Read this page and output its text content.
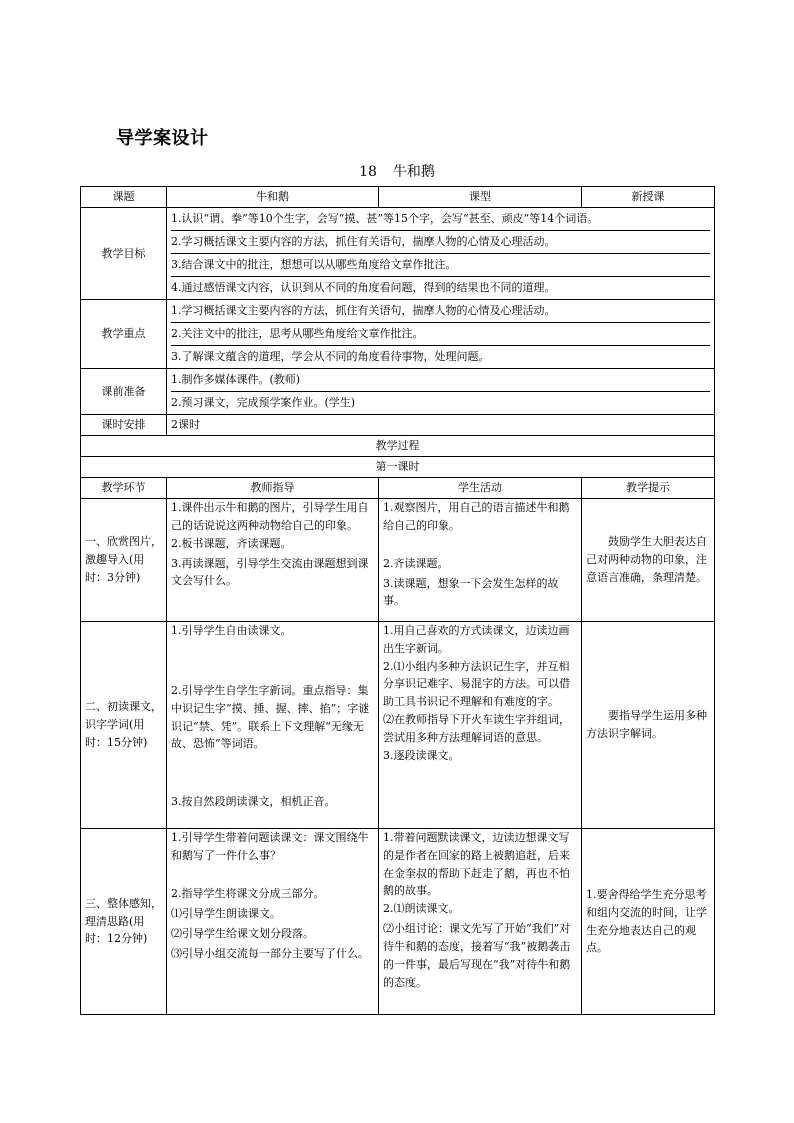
导学案设计
18 牛和鹅
课题	牛和鹅	课型	新授课
教学目标	1.认识“谓、拳”等10个生字，会写“摸、甚”等15个字，会写“甚至、顽皮”等14个词语。
2.学习概括课文主要内容的方法，抓住有关语句，揣摩人物的心情及心理活动。
3.结合课文中的批注，想想可以从哪些角度给文章作批注。
4.通过感悟课文内容，认识到从不同的角度看问题，得到的结果也不同的道理。		

教学重点	1.学习概括课文主要内容的方法，抓住有关语句，揣摩人物的心情及心理活动。
2.关注文中的批注，思考从哪些角度给文章作批注。
3.了解课文蕴含的道理，学会从不同的角度看待事物，处理问题。		

课前准备	1.制作多媒体课件。(教师)
2.预习课文，完成预学案作业。(学生)		

课时安排	2课时		
教学过程			
第一课时			
教学环节	教师指导	学生活动	教学提示
一、欣赏图片，激趣导入(用时：3分钟)	1.课件出示牛和鹅的图片，引导学生用自己的话说说这两种动物给自己的印象。
2.板书课题，齐读课题。
3.再读课题，引导学生交流由课题想到课文会写什么。	1.观察图片，用自己的语言描述牛和鹅给自己的印象。
2.齐读课题。
3.读课题，想象一下会发生怎样的故事。	鼓励学生大胆表达自己对两种动物的印象，注意语言准确，条理清楚。
二、初读课文，识字学词(用时：15分钟)	1.引导学生自由读课文。
2.引导学生自学生字新词。重点指导：集中识记生字“摸、捶、握、摔、掐”；字谜识记“禁、凭”。联系上下文理解“无缘无故、恐怖”等词语。
3.按自然段朗读课文，相机正音。	1.用自己喜欢的方式读课文，边读边画出生字新词。
2.⑴小组内多种方法识记生字，并互相分享识记难字、易混字的方法。可以借助工具书识记不理解和有难度的字。
⑵在教师指导下开火车读生字并组词，尝试用多种方法理解词语的意思。
3.逐段读课文。	要指导学生运用多种方法识字解词。
三、整体感知，理清思路(用时：12分钟)	1.引导学生带着问题读课文：课文围绕牛和鹅写了一件什么事？
2.指导学生将课文分成三部分。
⑴引导学生朗读课文。
⑵引导学生给课文划分段落。
⑶引导小组交流每一部分主要写了什么。	1.带着问题默读课文，边读边想课文写的是作者在回家的路上被鹅追赶，后来在金奎叔的帮助下赶走了鹅，再也不怕鹅的故事。
2.⑴朗读课文。
⑵小组讨论：课文先写了开始“我们”对待牛和鹅的态度，接着写“我”被鹅袭击的一件事，最后写现在“我”对待牛和鹅的态度。	1.要舍得给学生充分思考和组内交流的时间，让学生充分地表达自己的观点。
